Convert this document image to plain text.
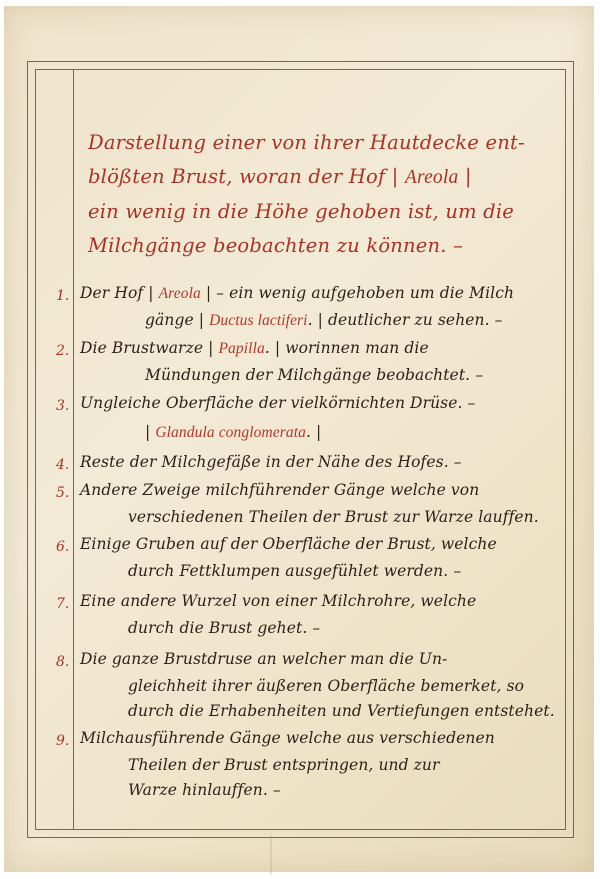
Darstellung einer von ihrer Hautdecke ent-
blößten Brust, woran der Hof | Areola |
ein wenig in die Höhe gehoben ist, um die
Milchgänge beobachten zu können. –
1. Der Hof | Areola | – ein wenig aufgehoben um die Milch
gänge | Ductus lactiferi. | deutlicher zu sehen. –
2. Die Brustwarze | Papilla. | worinnen man die
Mündungen der Milchgänge beobachtet. –
3. Ungleiche Oberfläche der vielkörnichten Drüse. –
| Glandula conglomerata. |
4. Reste der Milchgefäße in der Nähe des Hofes. –
5. Andere Zweige milchführender Gänge welche von
verschiedenen Theilen der Brust zur Warze lauffen.
6. Einige Gruben auf der Oberfläche der Brust, welche
durch Fettklumpen ausgefühlet werden. –
7. Eine andere Wurzel von einer Milchrohre, welche
durch die Brust gehet. –
8. Die ganze Brustdruse an welcher man die Un-
gleichheit ihrer äußeren Oberfläche bemerket, so
durch die Erhabenheiten und Vertiefungen entstehet.
9. Milchausführende Gänge welche aus verschiedenen
Theilen der Brust entspringen, und zur
Warze hinlauffen. –
